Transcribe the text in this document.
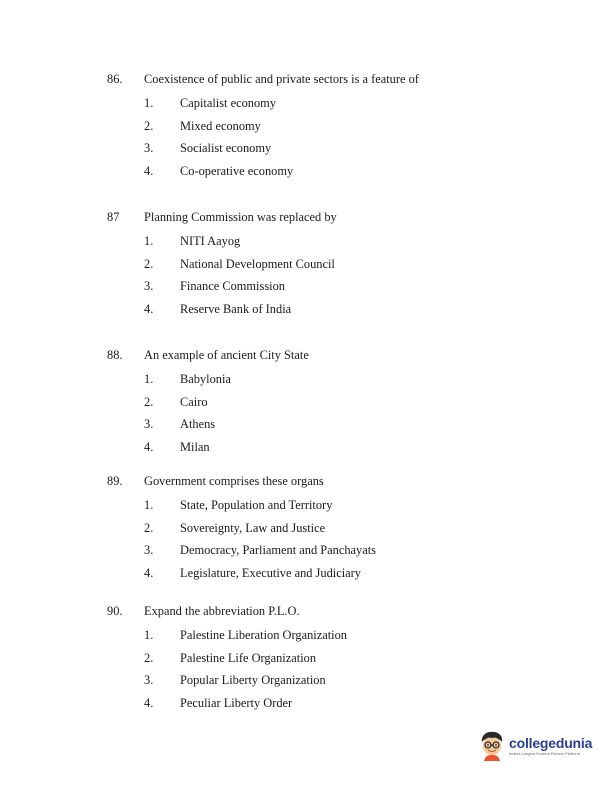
86. Coexistence of public and private sectors is a feature of
1. Capitalist economy
2. Mixed economy
3. Socialist economy
4. Co-operative economy
87 Planning Commission was replaced by
1. NITI Aayog
2. National Development Council
3. Finance Commission
4. Reserve Bank of India
88. An example of ancient City State
1. Babylonia
2. Cairo
3. Athens
4. Milan
89. Government comprises these organs
1. State, Population and Territory
2. Sovereignty, Law and Justice
3. Democracy, Parliament and Panchayats
4. Legislature, Executive and Judiciary
90. Expand the abbreviation P.L.O.
1. Palestine Liberation Organization
2. Palestine Life Organization
3. Popular Liberty Organization
4. Peculiar Liberty Order
collegedunia
India's Largest Student Review Platform
